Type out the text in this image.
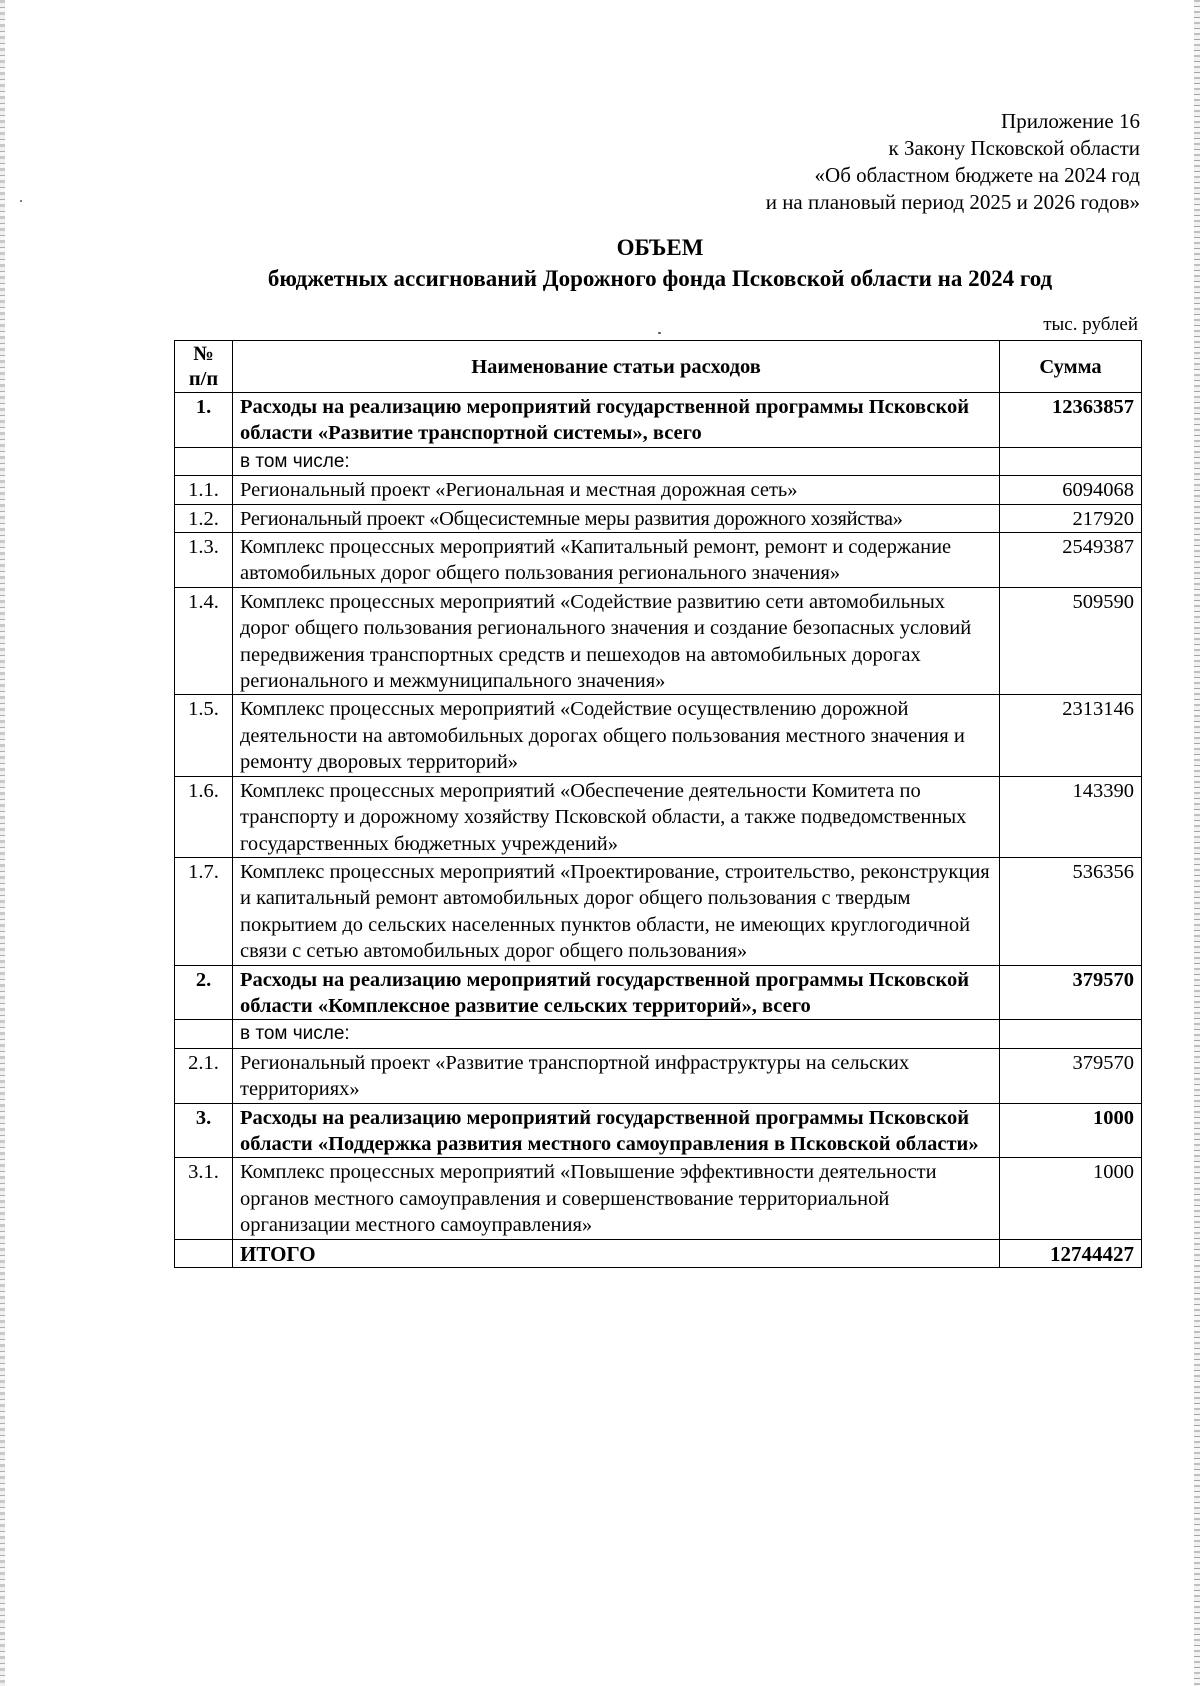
Приложение 16
к Закону Псковской области
«Об областном бюджете на 2024 год
и на плановый период 2025 и 2026 годов»
ОБЪЕМ
бюджетных ассигнований Дорожного фонда Псковской области на 2024 год
тыс. рублей
№ п/п	Наименование статьи расходов	Сумма
1.	Расходы на реализацию мероприятий государственной программы Псковской области «Развитие транспортной системы», всего	12363857
	в том числе:	
1.1.	Региональный проект «Региональная и местная дорожная сеть»	6094068
1.2.	Региональный проект «Общесистемные меры развития дорожного хозяйства»	217920
1.3.	Комплекс процессных мероприятий «Капитальный ремонт, ремонт и содержание автомобильных дорог общего пользования регионального значения»	2549387
1.4.	Комплекс процессных мероприятий «Содействие развитию сети автомобильных дорог общего пользования регионального значения и создание безопасных условий передвижения транспортных средств и пешеходов на автомобильных дорогах регионального и межмуниципального значения»	509590
1.5.	Комплекс процессных мероприятий «Содействие осуществлению дорожной деятельности на автомобильных дорогах общего пользования местного значения и ремонту дворовых территорий»	2313146
1.6.	Комплекс процессных мероприятий «Обеспечение деятельности Комитета по транспорту и дорожному хозяйству Псковской области, а также подведомственных государственных бюджетных учреждений»	143390
1.7.	Комплекс процессных мероприятий «Проектирование, строительство, реконструкция и капитальный ремонт автомобильных дорог общего пользования с твердым покрытием до сельских населенных пунктов области, не имеющих круглогодичной связи с сетью автомобильных дорог общего пользования»	536356
2.	Расходы на реализацию мероприятий государственной программы Псковской области «Комплексное развитие сельских территорий», всего	379570
	в том числе:	
2.1.	Региональный проект «Развитие транспортной инфраструктуры на сельских территориях»	379570
3.	Расходы на реализацию мероприятий государственной программы Псковской области «Поддержка развития местного самоуправления в Псковской области»	1000
3.1.	Комплекс процессных мероприятий «Повышение эффективности деятельности органов местного самоуправления и совершенствование территориальной организации местного самоуправления»	1000
	ИТОГО	12744427
